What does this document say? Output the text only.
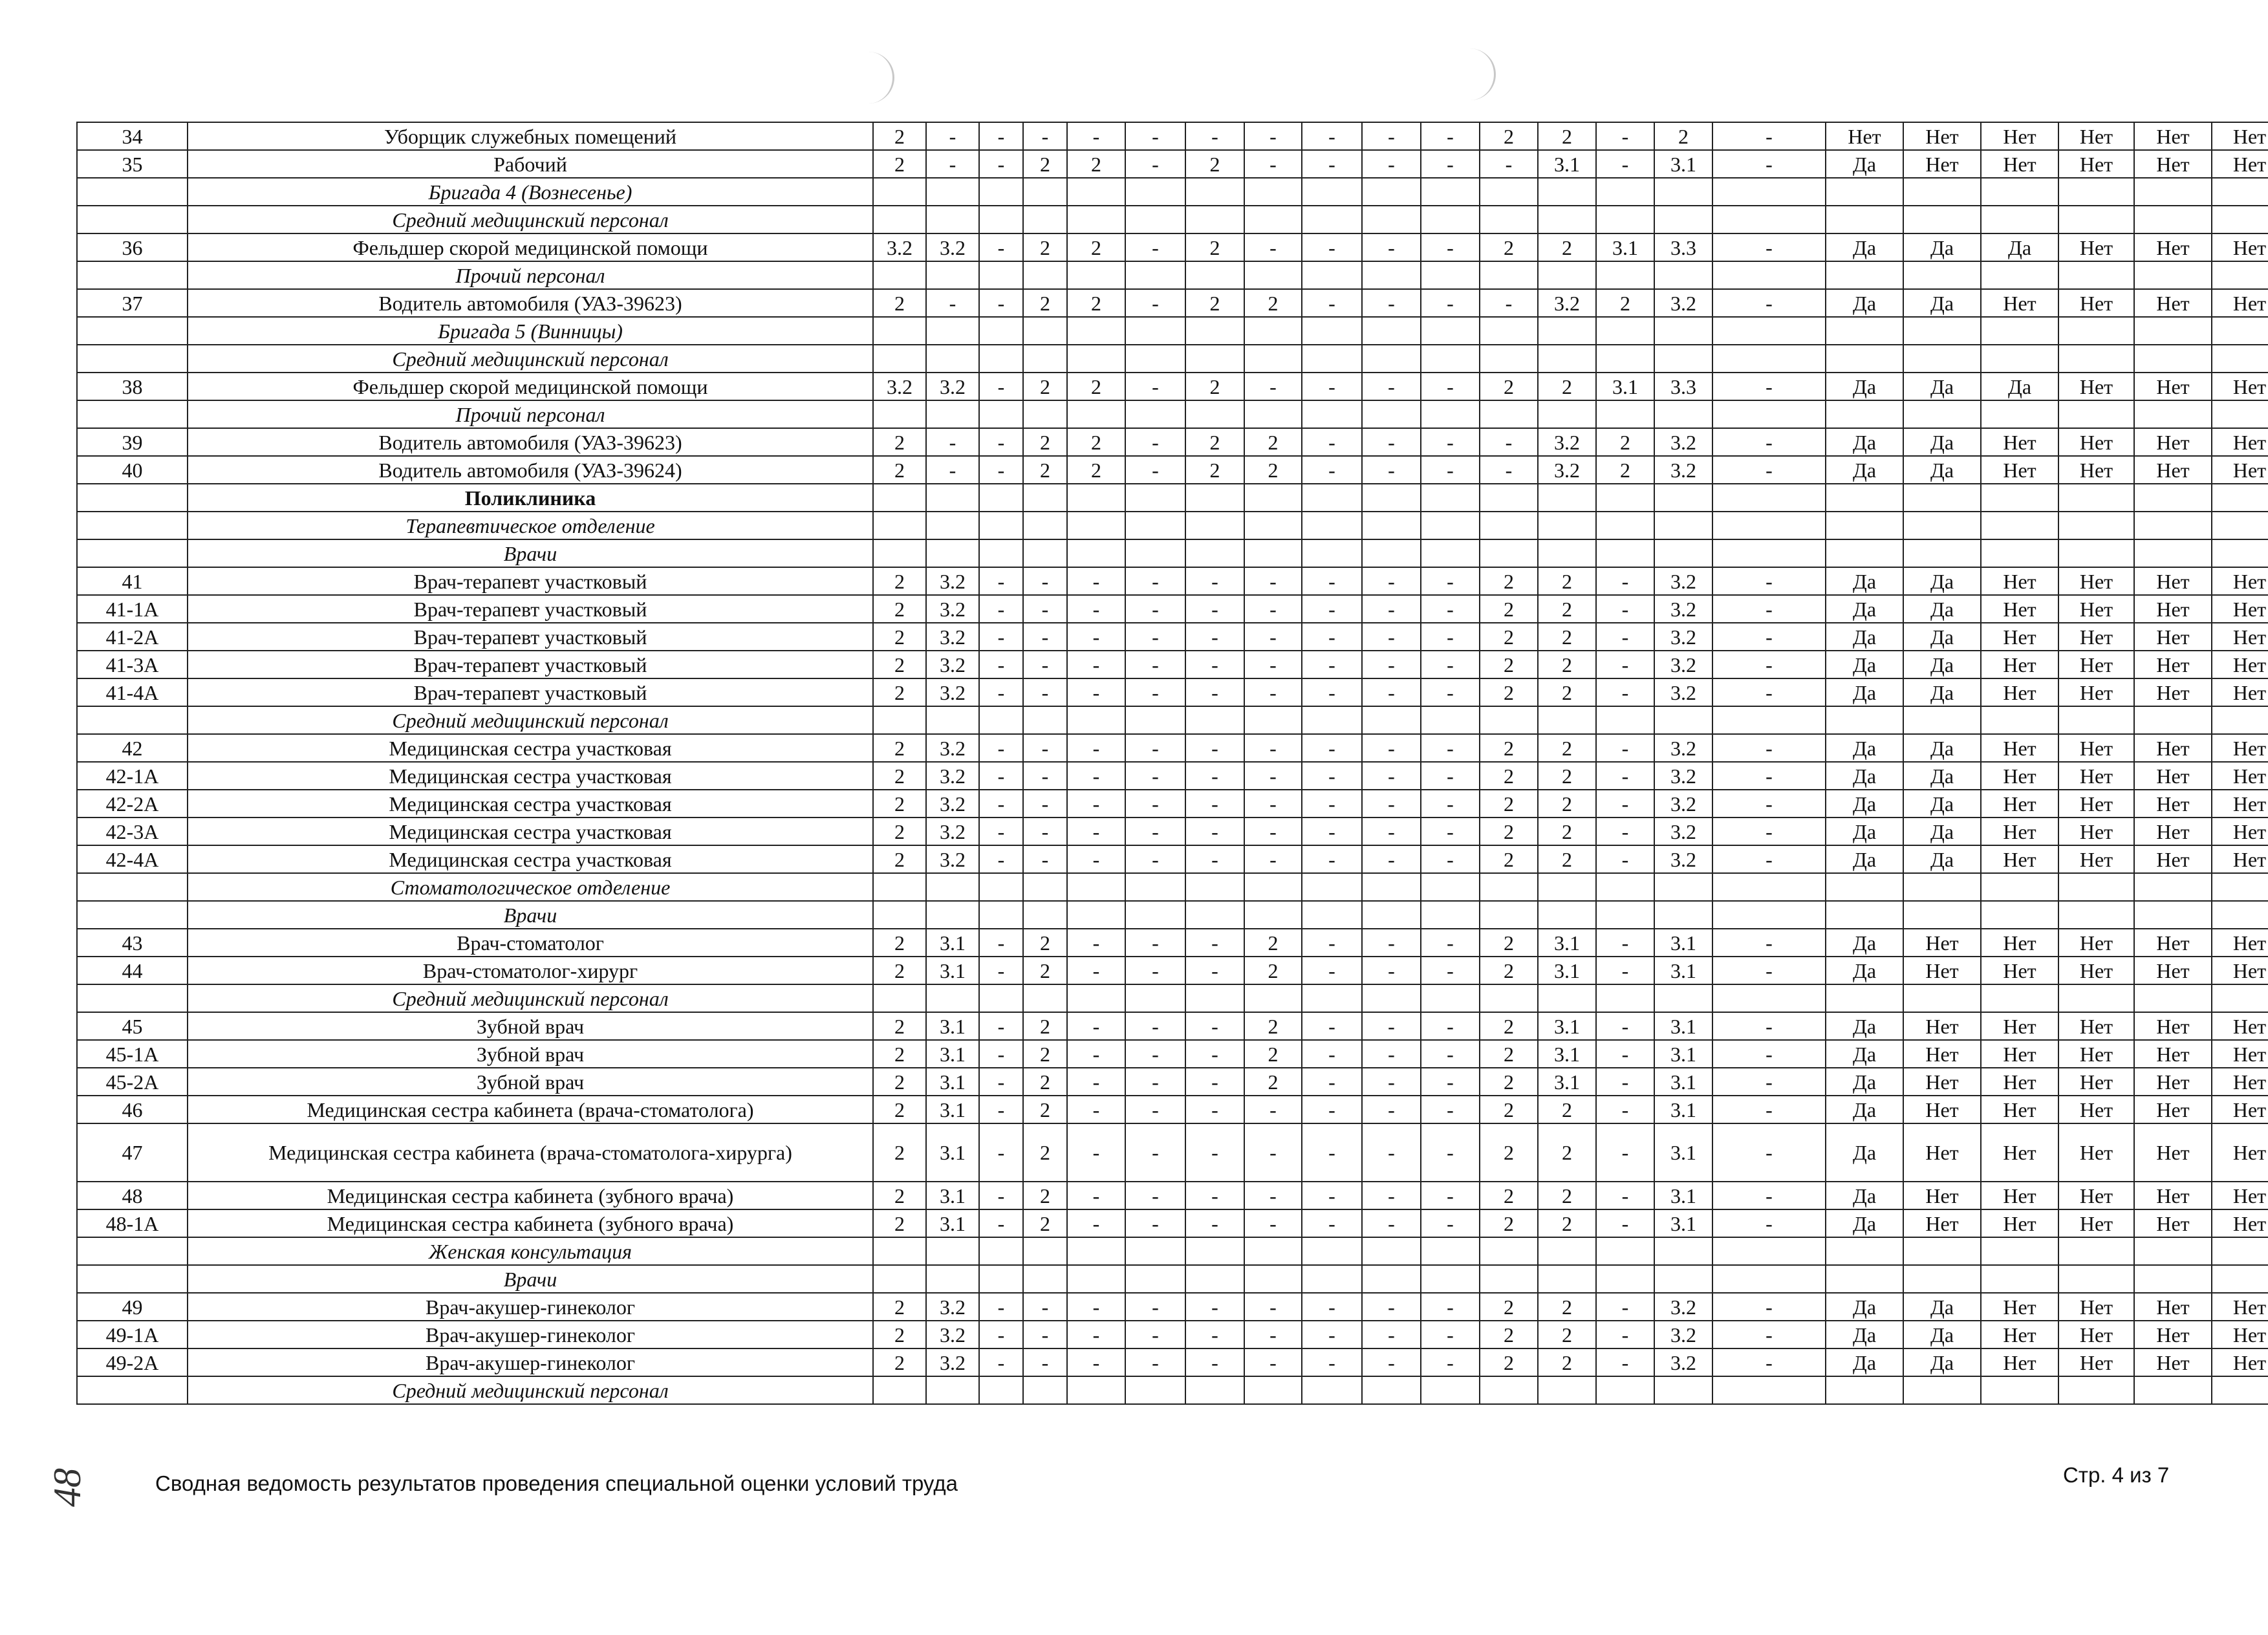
34	Уборщик служебных помещений	2	-	-	-	-	-	-	-	-	-	-	2	2	-	2	-	Нет	Нет	Нет	Нет	Нет	Нет
35	Рабочий	2	-	-	2	2	-	2	-	-	-	-	-	3.1	-	3.1	-	Да	Нет	Нет	Нет	Нет	Нет
	Бригада 4 (Вознесенье)																						
	Средний медицинский персонал																						
36	Фельдшер скорой медицинской помощи	3.2	3.2	-	2	2	-	2	-	-	-	-	2	2	3.1	3.3	-	Да	Да	Да	Нет	Нет	Нет
	Прочий персонал																						
37	Водитель автомобиля (УАЗ-39623)	2	-	-	2	2	-	2	2	-	-	-	-	3.2	2	3.2	-	Да	Да	Нет	Нет	Нет	Нет
	Бригада 5 (Винницы)																						
	Средний медицинский персонал																						
38	Фельдшер скорой медицинской помощи	3.2	3.2	-	2	2	-	2	-	-	-	-	2	2	3.1	3.3	-	Да	Да	Да	Нет	Нет	Нет
	Прочий персонал																						
39	Водитель автомобиля (УАЗ-39623)	2	-	-	2	2	-	2	2	-	-	-	-	3.2	2	3.2	-	Да	Да	Нет	Нет	Нет	Нет
40	Водитель автомобиля (УАЗ-39624)	2	-	-	2	2	-	2	2	-	-	-	-	3.2	2	3.2	-	Да	Да	Нет	Нет	Нет	Нет
	Поликлиника																						
	Терапевтическое отделение																						
	Врачи																						
41	Врач-терапевт участковый	2	3.2	-	-	-	-	-	-	-	-	-	2	2	-	3.2	-	Да	Да	Нет	Нет	Нет	Нет
41-1А	Врач-терапевт участковый	2	3.2	-	-	-	-	-	-	-	-	-	2	2	-	3.2	-	Да	Да	Нет	Нет	Нет	Нет
41-2А	Врач-терапевт участковый	2	3.2	-	-	-	-	-	-	-	-	-	2	2	-	3.2	-	Да	Да	Нет	Нет	Нет	Нет
41-3А	Врач-терапевт участковый	2	3.2	-	-	-	-	-	-	-	-	-	2	2	-	3.2	-	Да	Да	Нет	Нет	Нет	Нет
41-4А	Врач-терапевт участковый	2	3.2	-	-	-	-	-	-	-	-	-	2	2	-	3.2	-	Да	Да	Нет	Нет	Нет	Нет
	Средний медицинский персонал																						
42	Медицинская сестра участковая	2	3.2	-	-	-	-	-	-	-	-	-	2	2	-	3.2	-	Да	Да	Нет	Нет	Нет	Нет
42-1А	Медицинская сестра участковая	2	3.2	-	-	-	-	-	-	-	-	-	2	2	-	3.2	-	Да	Да	Нет	Нет	Нет	Нет
42-2А	Медицинская сестра участковая	2	3.2	-	-	-	-	-	-	-	-	-	2	2	-	3.2	-	Да	Да	Нет	Нет	Нет	Нет
42-3А	Медицинская сестра участковая	2	3.2	-	-	-	-	-	-	-	-	-	2	2	-	3.2	-	Да	Да	Нет	Нет	Нет	Нет
42-4А	Медицинская сестра участковая	2	3.2	-	-	-	-	-	-	-	-	-	2	2	-	3.2	-	Да	Да	Нет	Нет	Нет	Нет
	Стоматологическое отделение																						
	Врачи																						
43	Врач-стоматолог	2	3.1	-	2	-	-	-	2	-	-	-	2	3.1	-	3.1	-	Да	Нет	Нет	Нет	Нет	Нет
44	Врач-стоматолог-хирург	2	3.1	-	2	-	-	-	2	-	-	-	2	3.1	-	3.1	-	Да	Нет	Нет	Нет	Нет	Нет
	Средний медицинский персонал																						
45	Зубной врач	2	3.1	-	2	-	-	-	2	-	-	-	2	3.1	-	3.1	-	Да	Нет	Нет	Нет	Нет	Нет
45-1А	Зубной врач	2	3.1	-	2	-	-	-	2	-	-	-	2	3.1	-	3.1	-	Да	Нет	Нет	Нет	Нет	Нет
45-2А	Зубной врач	2	3.1	-	2	-	-	-	2	-	-	-	2	3.1	-	3.1	-	Да	Нет	Нет	Нет	Нет	Нет
46	Медицинская сестра кабинета (врача-стоматолога)	2	3.1	-	2	-	-	-	-	-	-	-	2	2	-	3.1	-	Да	Нет	Нет	Нет	Нет	Нет
47	Медицинская сестра кабинета (врача-стоматолога-хирурга)	2	3.1	-	2	-	-	-	-	-	-	-	2	2	-	3.1	-	Да	Нет	Нет	Нет	Нет	Нет
48	Медицинская сестра кабинета (зубного врача)	2	3.1	-	2	-	-	-	-	-	-	-	2	2	-	3.1	-	Да	Нет	Нет	Нет	Нет	Нет
48-1А	Медицинская сестра кабинета (зубного врача)	2	3.1	-	2	-	-	-	-	-	-	-	2	2	-	3.1	-	Да	Нет	Нет	Нет	Нет	Нет
	Женская консультация																						
	Врачи																						
49	Врач-акушер-гинеколог	2	3.2	-	-	-	-	-	-	-	-	-	2	2	-	3.2	-	Да	Да	Нет	Нет	Нет	Нет
49-1А	Врач-акушер-гинеколог	2	3.2	-	-	-	-	-	-	-	-	-	2	2	-	3.2	-	Да	Да	Нет	Нет	Нет	Нет
49-2А	Врач-акушер-гинеколог	2	3.2	-	-	-	-	-	-	-	-	-	2	2	-	3.2	-	Да	Да	Нет	Нет	Нет	Нет
	Средний медицинский персонал																						
Сводная ведомость результатов проведения специальной оценки условий труда	Стр. 4 из 7
48
